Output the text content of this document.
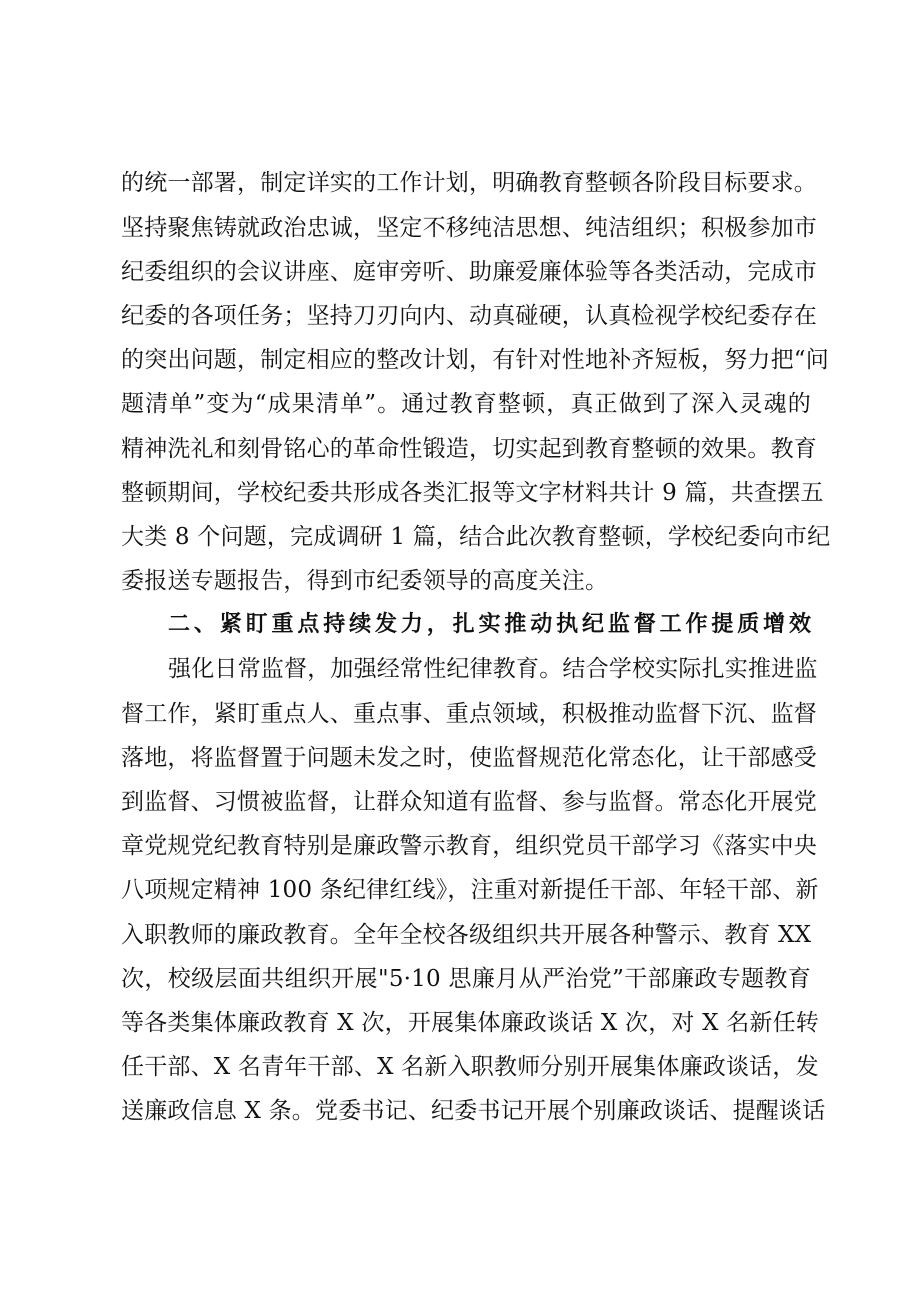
的统一部署，制定详实的工作计划，明确教育整顿各阶段目标要求。
坚持聚焦铸就政治忠诚，坚定不移纯洁思想、纯洁组织；积极参加市
纪委组织的会议讲座、庭审旁听、助廉爱廉体验等各类活动，完成市
纪委的各项任务；坚持刀刃向内、动真碰硬，认真检视学校纪委存在
的突出问题，制定相应的整改计划，有针对性地补齐短板，努力把“问
题清单”变为“成果清单”。通过教育整顿，真正做到了深入灵魂的
精神洗礼和刻骨铭心的革命性锻造，切实起到教育整顿的效果。教育
整顿期间，学校纪委共形成各类汇报等文字材料共计 9 篇，共查摆五
大类 8 个问题，完成调研 1 篇，结合此次教育整顿，学校纪委向市纪
委报送专题报告，得到市纪委领导的高度关注。
二、紧盯重点持续发力，扎实推动执纪监督工作提质增效
强化日常监督，加强经常性纪律教育。结合学校实际扎实推进监
督工作，紧盯重点人、重点事、重点领域，积极推动监督下沉、监督
落地，将监督置于问题未发之时，使监督规范化常态化，让干部感受
到监督、习惯被监督，让群众知道有监督、参与监督。常态化开展党
章党规党纪教育特别是廉政警示教育，组织党员干部学习《落实中央
八项规定精神 100 条纪律红线》，注重对新提任干部、年轻干部、新
入职教师的廉政教育。全年全校各级组织共开展各种警示、教育 XX
次，校级层面共组织开展"5·10 思廉月从严治党”干部廉政专题教育
等各类集体廉政教育 X 次，开展集体廉政谈话 X 次，对 X 名新任转
任干部、X 名青年干部、X 名新入职教师分别开展集体廉政谈话，发
送廉政信息 X 条。党委书记、纪委书记开展个别廉政谈话、提醒谈话
